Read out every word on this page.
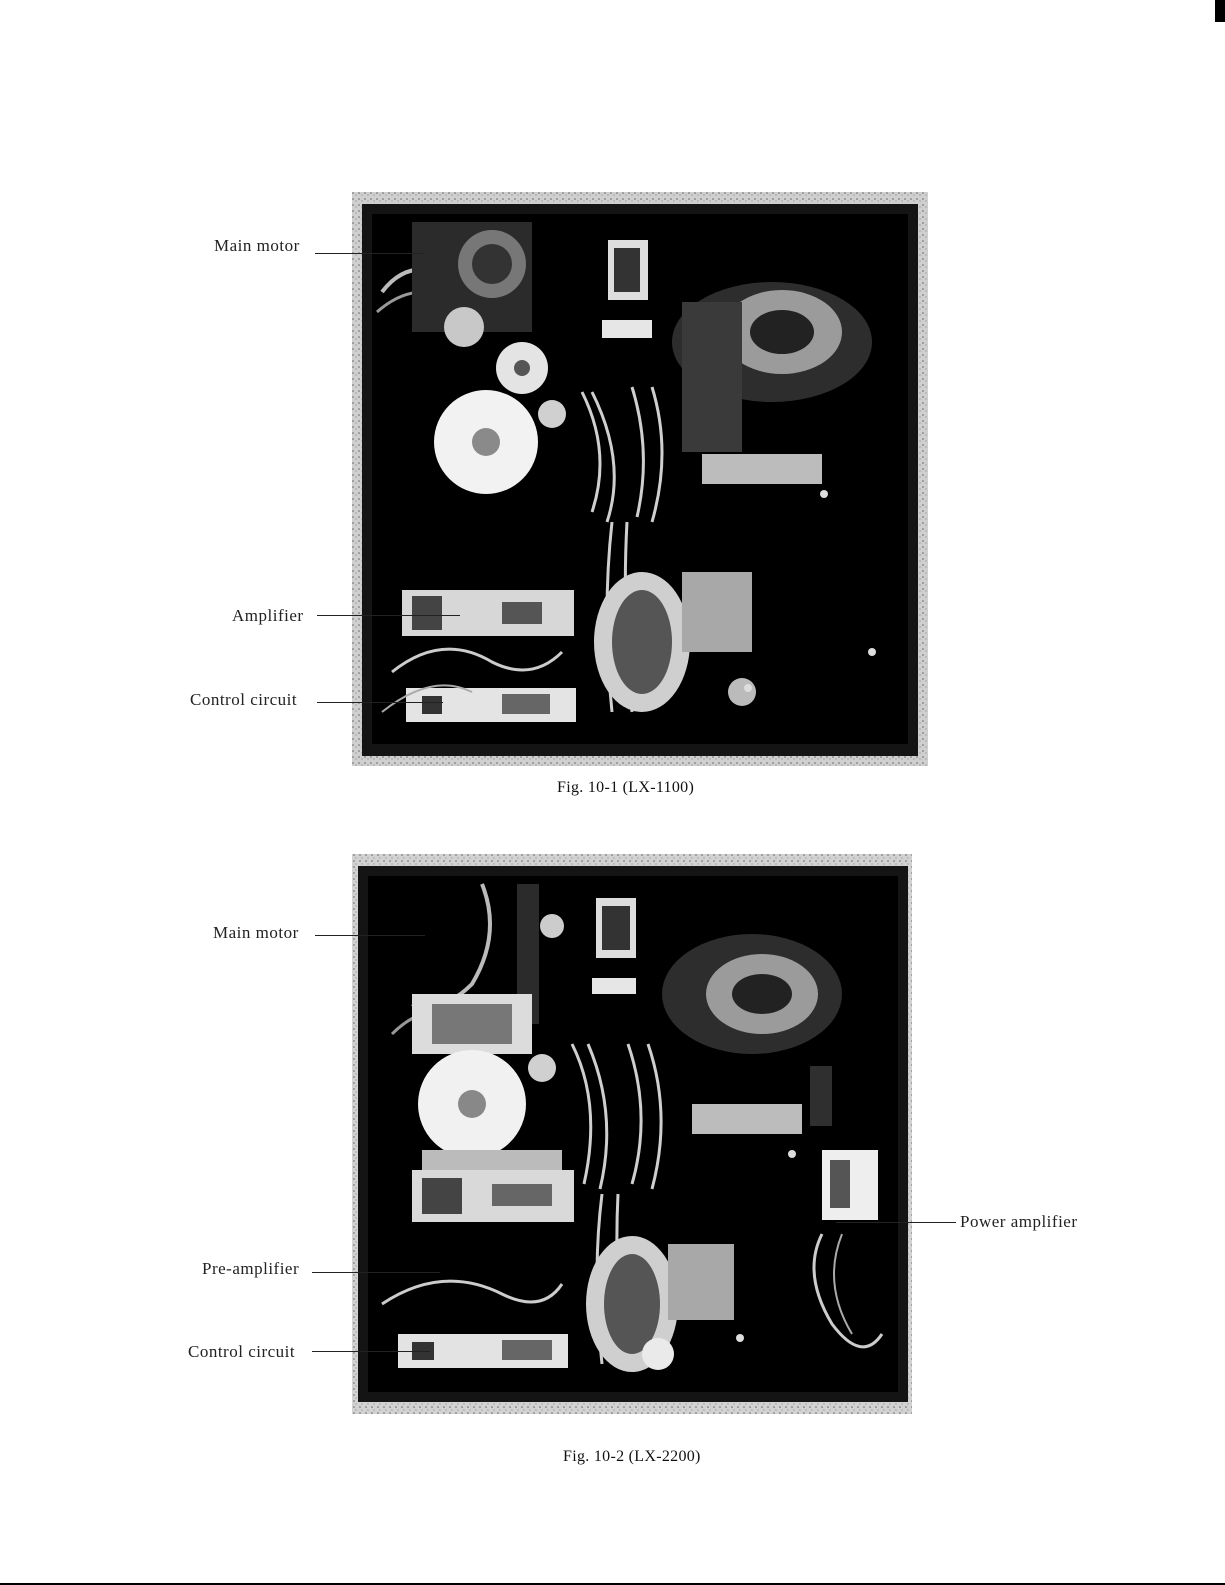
Main motor
Amplifier
Control circuit
Fig. 10-1 (LX-1100)
Main motor
Pre-amplifier
Control circuit
Power amplifier
Fig. 10-2 (LX-2200)
